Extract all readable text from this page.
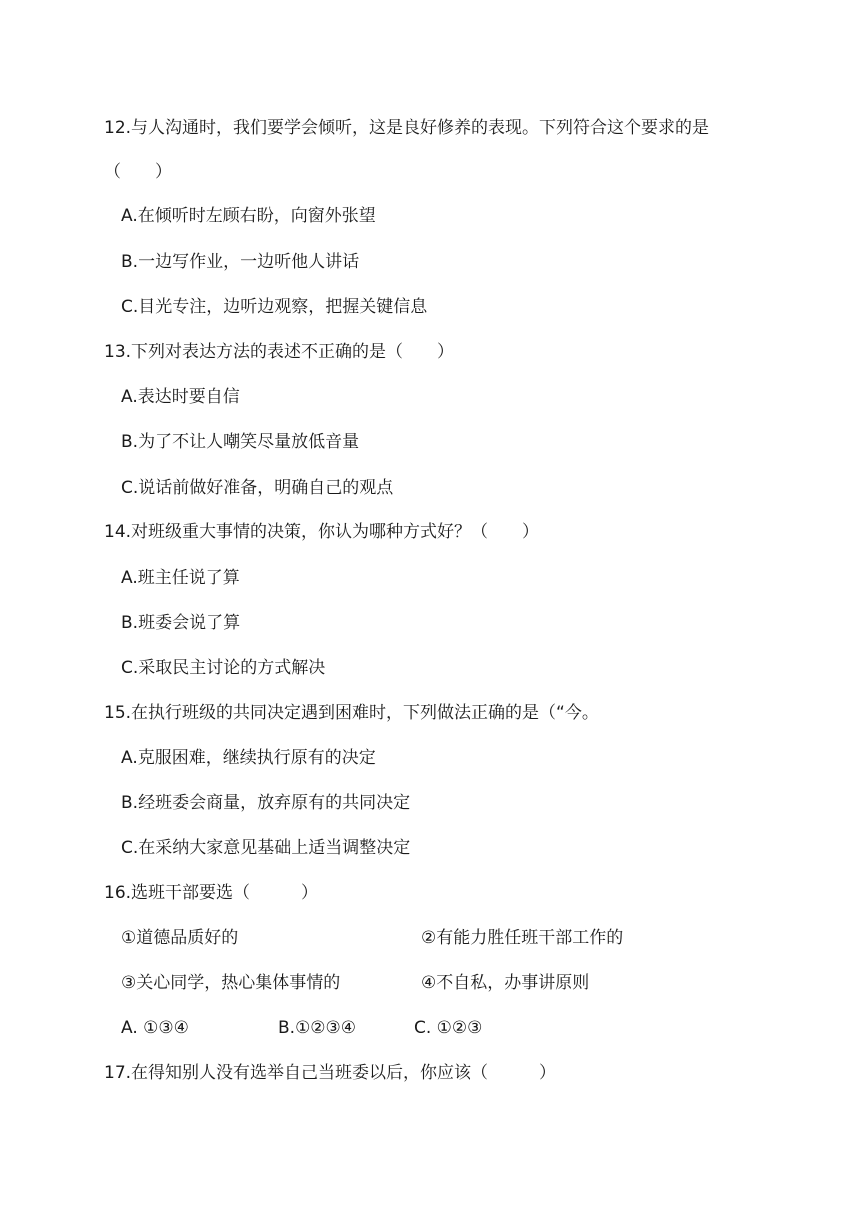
12.与人沟通时，我们要学会倾听，这是良好修养的表现。下列符合这个要求的是
（　　）
A.在倾听时左顾右盼，向窗外张望
B.一边写作业，一边听他人讲话
C.目光专注，边听边观察，把握关键信息
13.下列对表达方法的表述不正确的是（　　）
A.表达时要自信
B.为了不让人嘲笑尽量放低音量
C.说话前做好准备，明确自己的观点
14.对班级重大事情的决策，你认为哪种方式好？（　　）
A.班主任说了算
B.班委会说了算
C.采取民主讨论的方式解决
15.在执行班级的共同决定遇到困难时，下列做法正确的是（“今。
A.克服困难，继续执行原有的决定
B.经班委会商量，放弃原有的共同决定
C.在采纳大家意见基础上适当调整决定
16.选班干部要选（　　　）
①道德品质好的	②有能力胜任班干部工作的
③关心同学，热心集体事情的	④不自私，办事讲原则
A. ①③④	B.①②③④	C. ①②③
17.在得知别人没有选举自己当班委以后，你应该（　　　）
